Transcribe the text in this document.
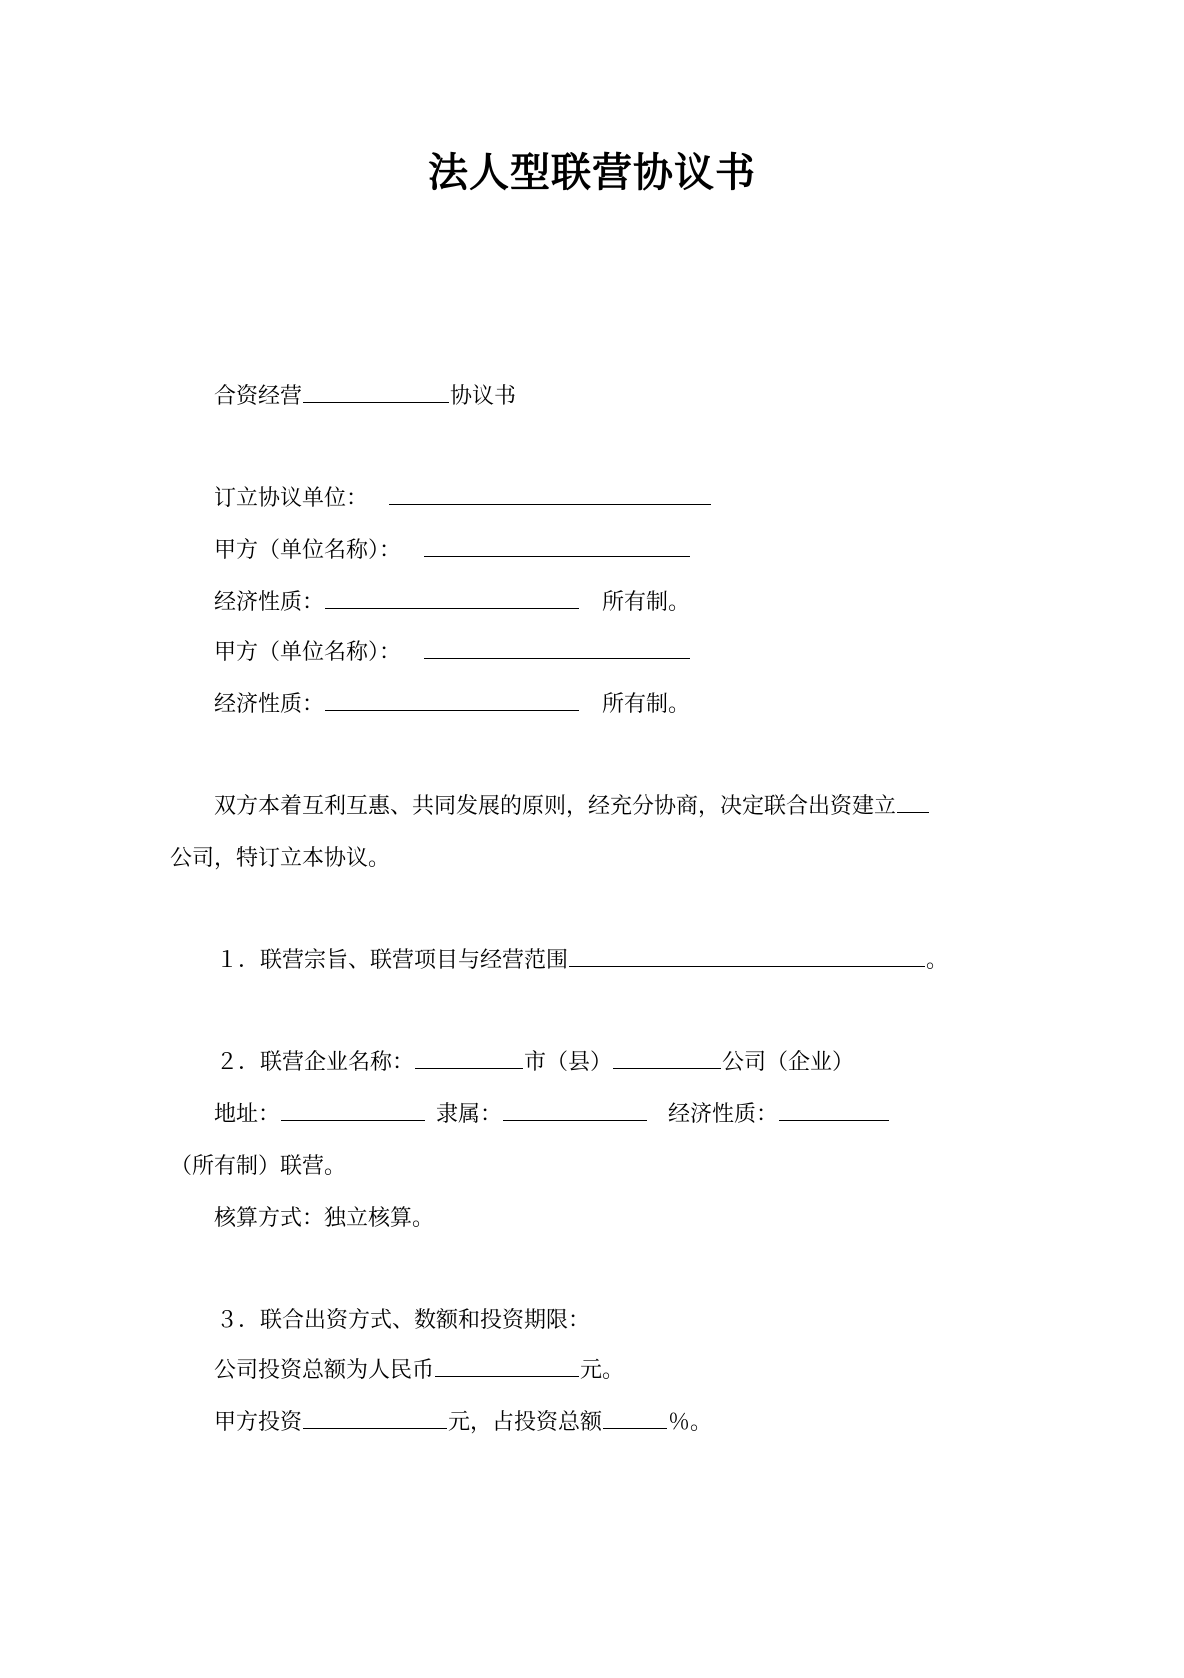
法人型联营协议书
合资经营	协议书
订立协议单位：
甲方（单位名称）：
经济性质：	所有制。
甲方（单位名称）：
经济性质：	所有制。
双方本着互利互惠、共同发展的原则，经充分协商，决定联合出资建立
公司，特订立本协议。
１．联营宗旨、联营项目与经营范围	。
２．联营企业名称：	市（县）	公司（企业）
地址：	隶属：	经济性质：
（所有制）联营。
核算方式：独立核算。
３．联合出资方式、数额和投资期限：
公司投资总额为人民币	元。
甲方投资	元，占投资总额	％。
